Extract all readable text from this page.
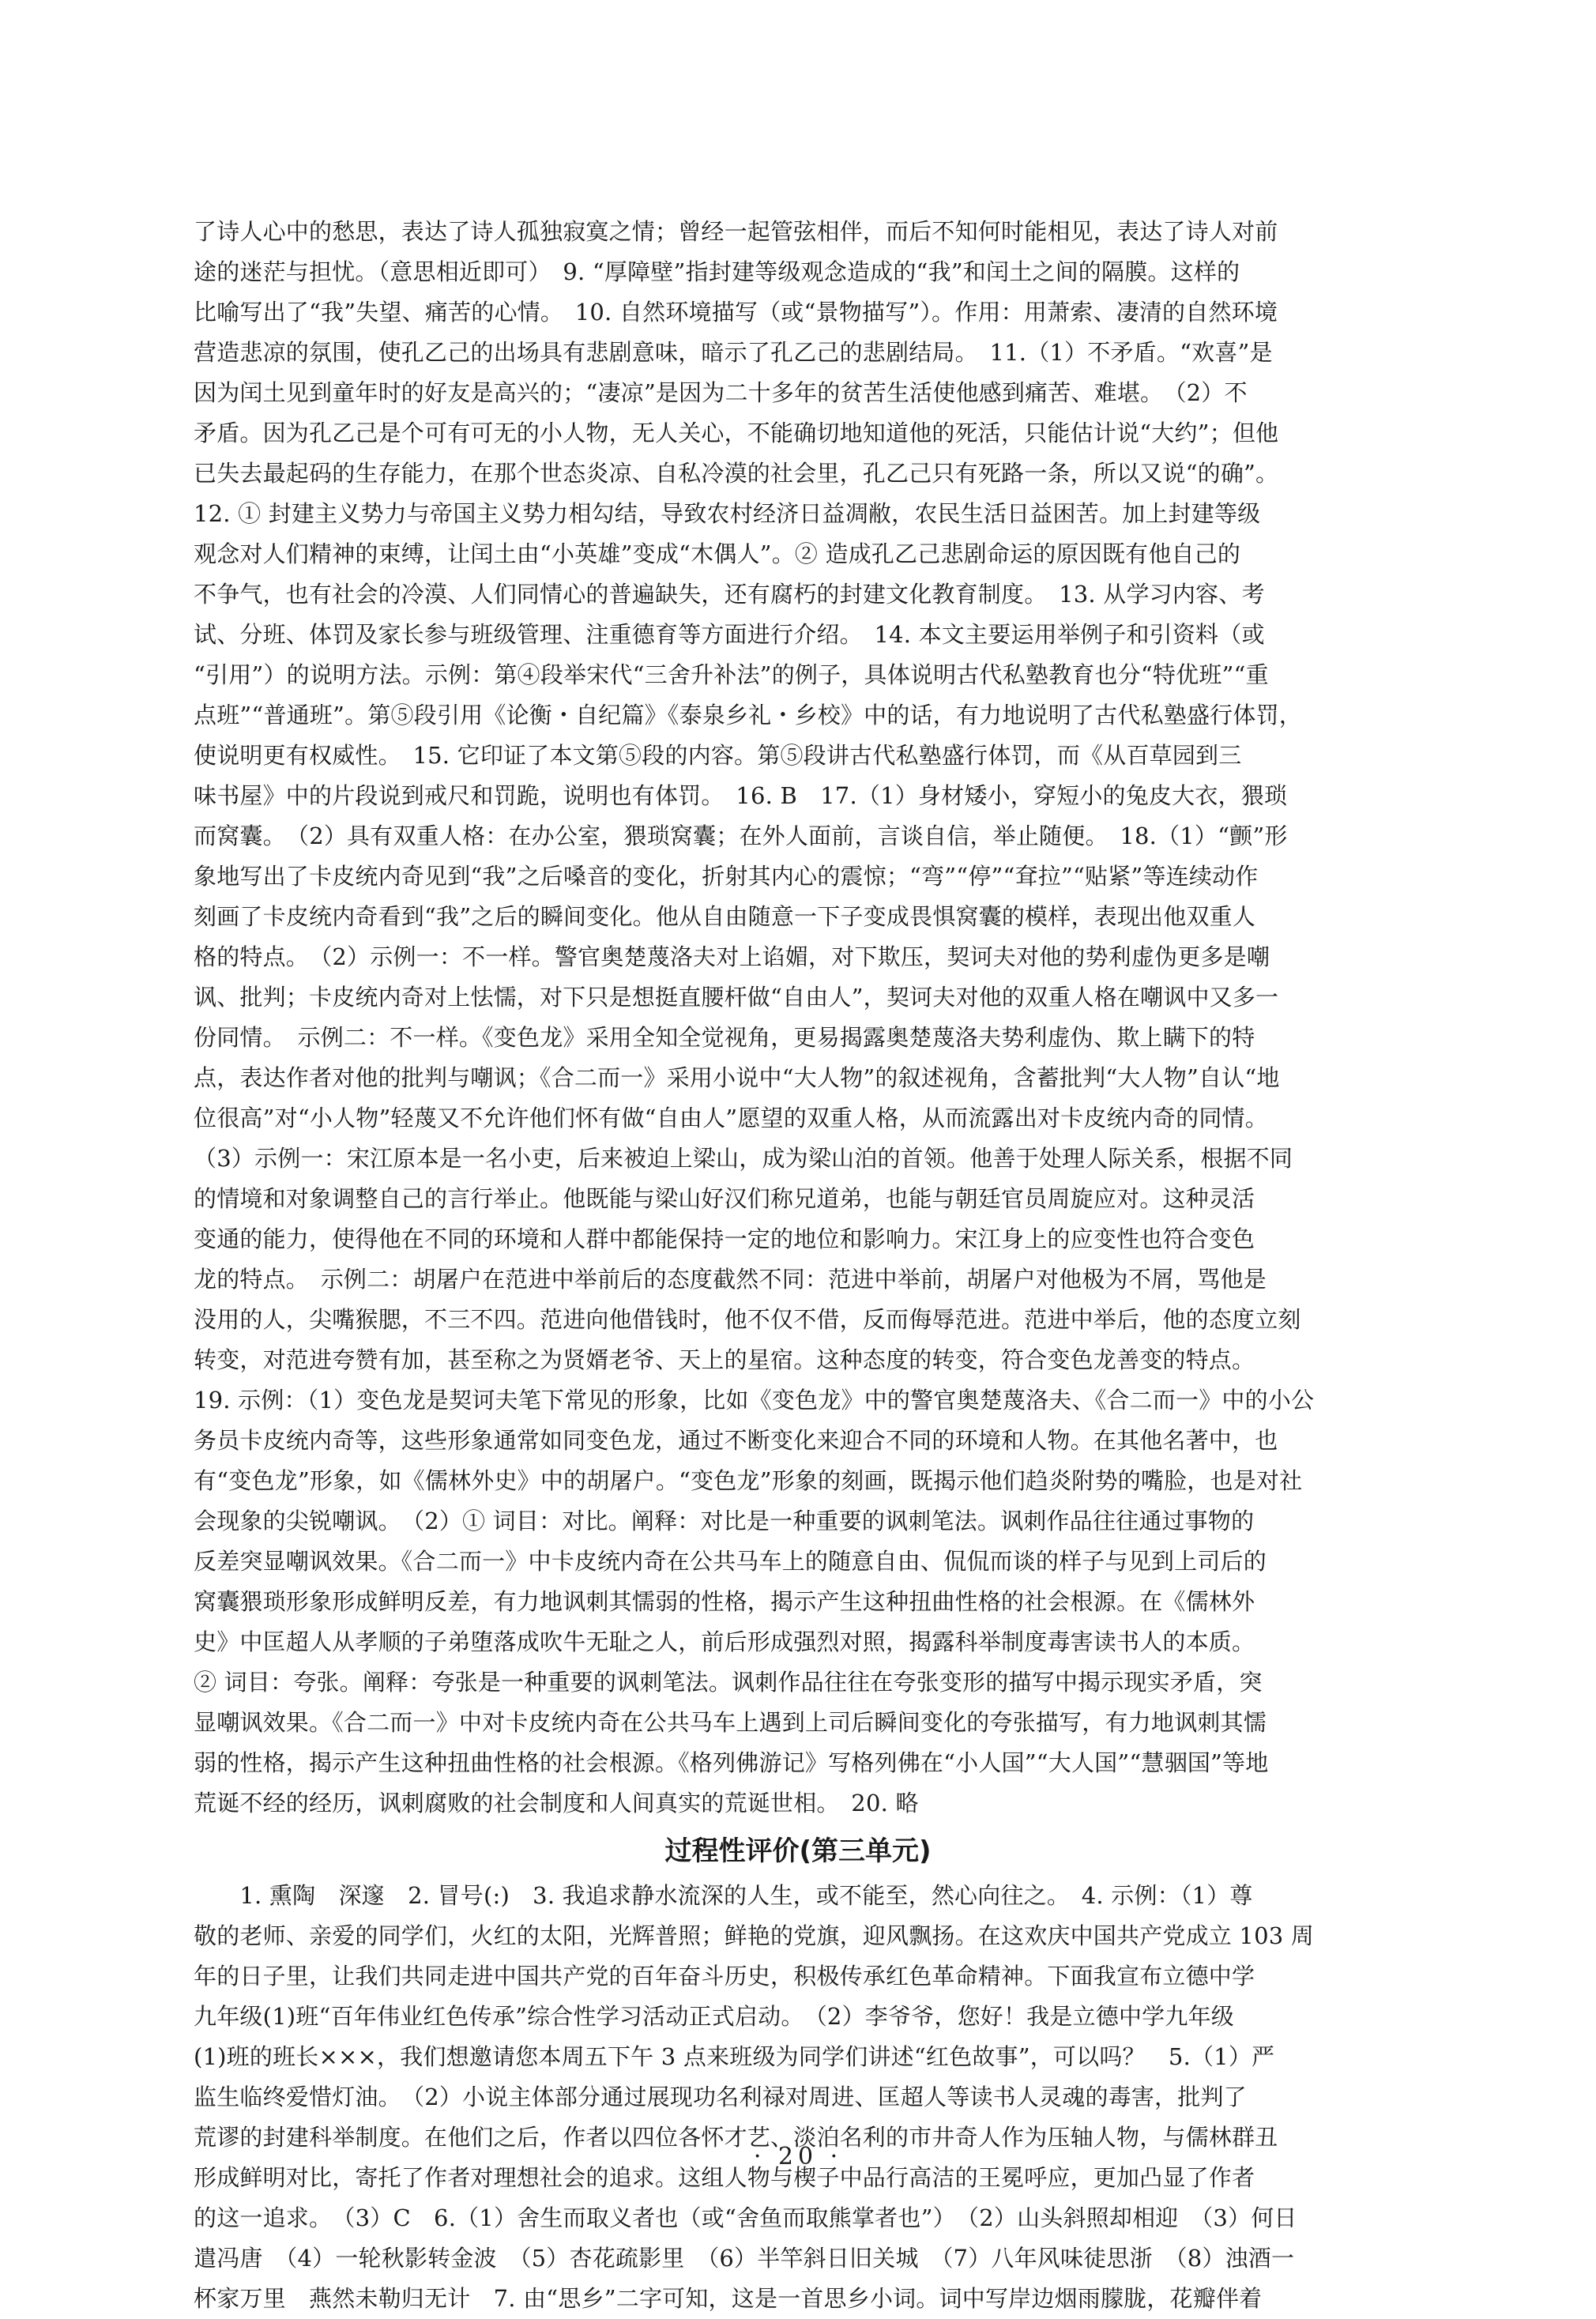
了诗人心中的愁思，表达了诗人孤独寂寞之情；曾经一起管弦相伴，而后不知何时能相见，表达了诗人对前
途的迷茫与担忧。（意思相近即可）　9. “厚障壁”指封建等级观念造成的“我”和闰土之间的隔膜。这样的
比喻写出了“我”失望、痛苦的心情。　10. 自然环境描写（或“景物描写”）。作用：用萧索、凄清的自然环境
营造悲凉的氛围，使孔乙己的出场具有悲剧意味，暗示了孔乙己的悲剧结局。　11.（1）不矛盾。“欢喜”是
因为闰土见到童年时的好友是高兴的；“凄凉”是因为二十多年的贫苦生活使他感到痛苦、难堪。　（2）不
矛盾。因为孔乙己是个可有可无的小人物，无人关心，不能确切地知道他的死活，只能估计说“大约”；但他
已失去最起码的生存能力，在那个世态炎凉、自私冷漠的社会里，孔乙己只有死路一条，所以又说“的确”。
12. ① 封建主义势力与帝国主义势力相勾结，导致农村经济日益凋敝，农民生活日益困苦。加上封建等级
观念对人们精神的束缚，让闰土由“小英雄”变成“木偶人”。② 造成孔乙己悲剧命运的原因既有他自己的
不争气，也有社会的冷漠、人们同情心的普遍缺失，还有腐朽的封建文化教育制度。　13. 从学习内容、考
试、分班、体罚及家长参与班级管理、注重德育等方面进行介绍。　14. 本文主要运用举例子和引资料（或
“引用”）的说明方法。示例：第④段举宋代“三舍升补法”的例子，具体说明古代私塾教育也分“特优班”“重
点班”“普通班”。第⑤段引用《论衡・自纪篇》《泰泉乡礼・乡校》中的话，有力地说明了古代私塾盛行体罚，
使说明更有权威性。　15. 它印证了本文第⑤段的内容。第⑤段讲古代私塾盛行体罚，而《从百草园到三
味书屋》中的片段说到戒尺和罚跪，说明也有体罚。　16. B　17.（1）身材矮小，穿短小的兔皮大衣，猥琐
而窝囊。　（2）具有双重人格：在办公室，猥琐窝囊；在外人面前，言谈自信，举止随便。　18.（1）“颤”形
象地写出了卡皮统内奇见到“我”之后嗓音的变化，折射其内心的震惊；“弯”“停”“耷拉”“贴紧”等连续动作
刻画了卡皮统内奇看到“我”之后的瞬间变化。他从自由随意一下子变成畏惧窝囊的模样，表现出他双重人
格的特点。　（2）示例一：不一样。警官奥楚蔑洛夫对上谄媚，对下欺压，契诃夫对他的势利虚伪更多是嘲
讽、批判；卡皮统内奇对上怯懦，对下只是想挺直腰杆做“自由人”，契诃夫对他的双重人格在嘲讽中又多一
份同情。　示例二：不一样。《变色龙》采用全知全觉视角，更易揭露奥楚蔑洛夫势利虚伪、欺上瞒下的特
点，表达作者对他的批判与嘲讽；《合二而一》采用小说中“大人物”的叙述视角，含蓄批判“大人物”自认“地
位很高”对“小人物”轻蔑又不允许他们怀有做“自由人”愿望的双重人格，从而流露出对卡皮统内奇的同情。
（3）示例一：宋江原本是一名小吏，后来被迫上梁山，成为梁山泊的首领。他善于处理人际关系，根据不同
的情境和对象调整自己的言行举止。他既能与梁山好汉们称兄道弟，也能与朝廷官员周旋应对。这种灵活
变通的能力，使得他在不同的环境和人群中都能保持一定的地位和影响力。宋江身上的应变性也符合变色
龙的特点。　示例二：胡屠户在范进中举前后的态度截然不同：范进中举前，胡屠户对他极为不屑，骂他是
没用的人，尖嘴猴腮，不三不四。范进向他借钱时，他不仅不借，反而侮辱范进。范进中举后，他的态度立刻
转变，对范进夸赞有加，甚至称之为贤婿老爷、天上的星宿。这种态度的转变，符合变色龙善变的特点。
19. 示例：（1）变色龙是契诃夫笔下常见的形象，比如《变色龙》中的警官奥楚蔑洛夫、《合二而一》中的小公
务员卡皮统内奇等，这些形象通常如同变色龙，通过不断变化来迎合不同的环境和人物。在其他名著中，也
有“变色龙”形象，如《儒林外史》中的胡屠户。“变色龙”形象的刻画，既揭示他们趋炎附势的嘴脸，也是对社
会现象的尖锐嘲讽。　（2）① 词目：对比。阐释：对比是一种重要的讽刺笔法。讽刺作品往往通过事物的
反差突显嘲讽效果。《合二而一》中卡皮统内奇在公共马车上的随意自由、侃侃而谈的样子与见到上司后的
窝囊猥琐形象形成鲜明反差，有力地讽刺其懦弱的性格，揭示产生这种扭曲性格的社会根源。在《儒林外
史》中匡超人从孝顺的子弟堕落成吹牛无耻之人，前后形成强烈对照，揭露科举制度毒害读书人的本质。
② 词目：夸张。阐释：夸张是一种重要的讽刺笔法。讽刺作品往往在夸张变形的描写中揭示现实矛盾，突
显嘲讽效果。《合二而一》中对卡皮统内奇在公共马车上遇到上司后瞬间变化的夸张描写，有力地讽刺其懦
弱的性格，揭示产生这种扭曲性格的社会根源。《格列佛游记》写格列佛在“小人国”“大人国”“慧骃国”等地
荒诞不经的经历，讽刺腐败的社会制度和人间真实的荒诞世相。　20. 略
过程性评价(第三单元)
　　1. 熏陶　深邃　2. 冒号(:)　3. 我追求静水流深的人生，或不能至，然心向往之。　4. 示例：（1）尊
敬的老师、亲爱的同学们，火红的太阳，光辉普照；鲜艳的党旗，迎风飘扬。在这欢庆中国共产党成立 103 周
年的日子里，让我们共同走进中国共产党的百年奋斗历史，积极传承红色革命精神。下面我宣布立德中学
九年级(1)班“百年伟业红色传承”综合性学习活动正式启动。　（2）李爷爷，您好！我是立德中学九年级
(1)班的班长×××，我们想邀请您本周五下午 3 点来班级为同学们讲述“红色故事”，可以吗？　5.（1）严
监生临终爱惜灯油。　（2）小说主体部分通过展现功名利禄对周进、匡超人等读书人灵魂的毒害，批判了
荒谬的封建科举制度。在他们之后，作者以四位各怀才艺、淡泊名利的市井奇人作为压轴人物，与儒林群丑
形成鲜明对比，寄托了作者对理想社会的追求。这组人物与楔子中品行高洁的王冕呼应，更加凸显了作者
的这一追求。　（3）C　6.（1）舍生而取义者也（或“舍鱼而取熊掌者也”）　（2）山头斜照却相迎　（3）何日
遣冯唐　（4）一轮秋影转金波　（5）杏花疏影里　（6）半竿斜日旧关城　（7）八年风味徒思浙　（8）浊酒一
杯家万里　燕然未勒归无计　7. 由“思乡”二字可知，这是一首思乡小词。词中写岸边烟雨朦胧，花瓣伴着
· 20 ·
